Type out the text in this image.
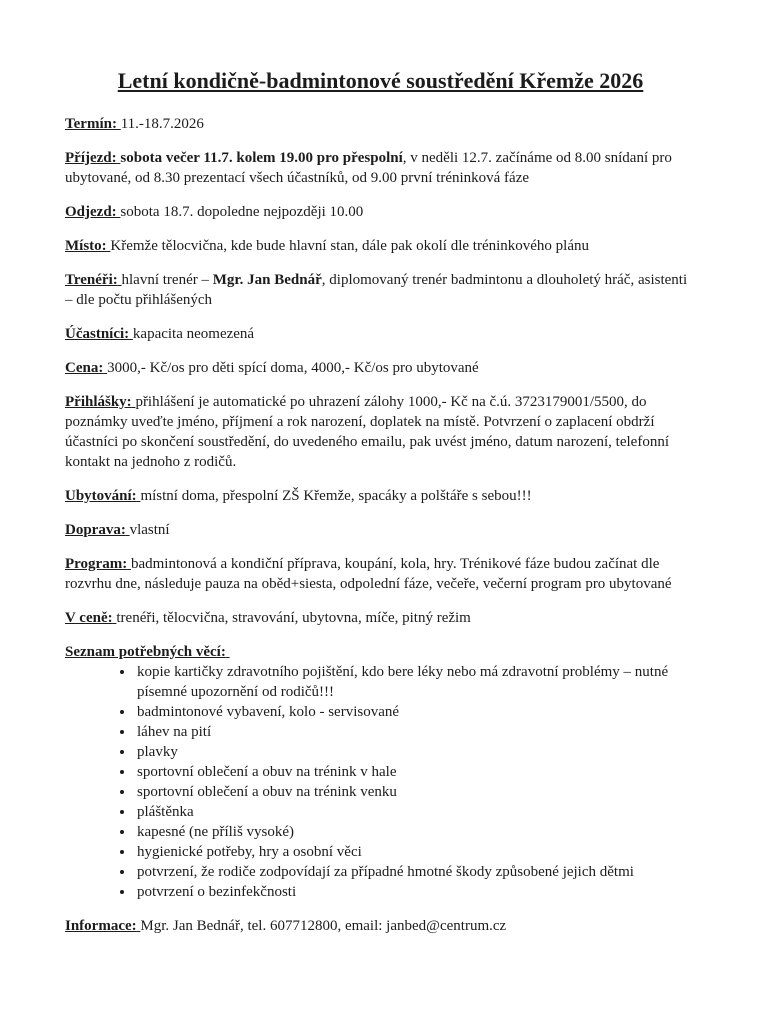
Letní kondičně-badmintonové soustředění Křemže 2026

Termín: 11.-18.7.2026

Příjezd: sobota večer 11.7. kolem 19.00 pro přespolní, v neděli 12.7. začínáme od 8.00 snídaní pro ubytované, od 8.30 prezentací všech účastníků, od 9.00 první tréninková fáze

Odjezd: sobota 18.7. dopoledne nejpozději 10.00

Místo: Křemže tělocvična, kde bude hlavní stan, dále pak okolí dle tréninkového plánu

Trenéři: hlavní trenér – Mgr. Jan Bednář, diplomovaný trenér badmintonu a dlouholetý hráč, asistenti – dle počtu přihlášených

Účastníci: kapacita neomezená

Cena: 3000,- Kč/os pro děti spící doma, 4000,- Kč/os pro ubytované

Přihlášky: přihlášení je automatické po uhrazení zálohy 1000,- Kč na č.ú. 3723179001/5500, do poznámky uveďte jméno, příjmení a rok narození, doplatek na místě. Potvrzení o zaplacení obdrží účastníci po skončení soustředění, do uvedeného emailu, pak uvést jméno, datum narození, telefonní kontakt na jednoho z rodičů.

Ubytování: místní doma, přespolní ZŠ Křemže, spacáky a polštáře s sebou!!!

Doprava: vlastní

Program: badmintonová a kondiční příprava, koupání, kola, hry. Trénikové fáze budou začínat dle rozvrhu dne, následuje pauza na oběd+siesta, odpolední fáze, večeře, večerní program pro ubytované

V ceně: trenéři, tělocvična, stravování, ubytovna, míče, pitný režim

Seznam potřebných věcí:

• kopie kartičky zdravotního pojištění, kdo bere léky nebo má zdravotní problémy – nutné písemné upozornění od rodičů!!!
• badmintonové vybavení, kolo - servisované
• láhev na pití
• plavky
• sportovní oblečení a obuv na trénink v hale
• sportovní oblečení a obuv na trénink venku
• pláštěnka
• kapesné (ne příliš vysoké)
• hygienické potřeby, hry a osobní věci
• potvrzení, že rodiče zodpovídají za případné hmotné škody způsobené jejich dětmi
• potvrzení o bezinfekčnosti

Informace: Mgr. Jan Bednář, tel. 607712800, email: janbed@centrum.cz
